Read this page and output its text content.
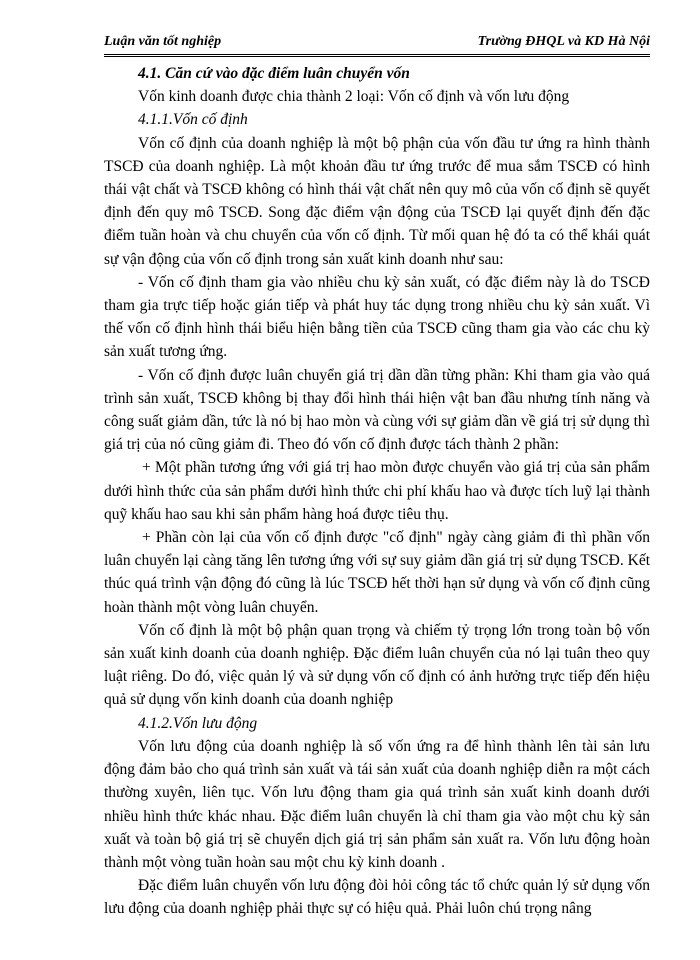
Luận văn tốt nghiệp	Trường ĐHQL và KD Hà Nội

4.1. Căn cứ vào đặc điểm luân chuyển vốn

Vốn kinh doanh được chia thành 2 loại: Vốn cố định và vốn lưu động

4.1.1.Vốn cố định

Vốn cố định của doanh nghiệp là một bộ phận của vốn đầu tư ứng ra hình thành TSCĐ của doanh nghiệp. Là một khoản đầu tư ứng trước để mua sắm TSCĐ có hình thái vật chất và TSCĐ không có hình thái vật chất nên quy mô của vốn cố định sẽ quyết định đến quy mô TSCĐ. Song đặc điểm vận động của TSCĐ lại quyết định đến đặc điểm tuần hoàn và chu chuyển của vốn cố định. Từ mối quan hệ đó ta có thể khái quát sự vận động của vốn cố định trong sản xuất kinh doanh như sau:

- Vốn cố định tham gia vào nhiều chu kỳ sản xuất, có đặc điểm này là do TSCĐ tham gia trực tiếp hoặc gián tiếp và phát huy tác dụng trong nhiều chu kỳ sản xuất. Vì thế vốn cố định hình thái biểu hiện bằng tiền của TSCĐ cũng tham gia vào các chu kỳ sản xuất tương ứng.

- Vốn cố định được luân chuyển giá trị dần dần từng phần: Khi tham gia vào quá trình sản xuất, TSCĐ không bị thay đổi hình thái hiện vật ban đầu nhưng tính năng và công suất giảm dần, tức là nó bị hao mòn và cùng với sự giảm dần về giá trị sử dụng thì giá trị của nó cũng giảm đi. Theo đó vốn cố định được tách thành 2 phần:

+ Một phần tương ứng với giá trị hao mòn được chuyển vào giá trị của sản phẩm dưới hình thức của sản phẩm dưới hình thức chi phí khấu hao và được tích luỹ lại thành quỹ khấu hao sau khi sản phẩm hàng hoá được tiêu thụ.

+ Phần còn lại của vốn cố định được "cố định" ngày càng giảm đi thì phần vốn luân chuyển lại càng tăng lên tương ứng với sự suy giảm dần giá trị sử dụng TSCĐ. Kết thúc quá trình vận động đó cũng là lúc TSCĐ hết thời hạn sử dụng và vốn cố định cũng hoàn thành một vòng luân chuyển.

Vốn cố định là một bộ phận quan trọng và chiếm tỷ trọng lớn trong toàn bộ vốn sản xuất kinh doanh của doanh nghiệp. Đặc điểm luân chuyển của nó lại tuân theo quy luật riêng. Do đó, việc quản lý và sử dụng vốn cố định có ảnh hưởng trực tiếp đến hiệu quả sử dụng vốn kinh doanh của doanh nghiệp

4.1.2.Vốn lưu động

Vốn lưu động của doanh nghiệp là số vốn ứng ra để hình thành lên tài sản lưu động đảm bảo cho quá trình sản xuất và tái sản xuất của doanh nghiệp diễn ra một cách thường xuyên, liên tục. Vốn lưu động tham gia quá trình sản xuất kinh doanh dưới nhiều hình thức khác nhau. Đặc điểm luân chuyển là chỉ tham gia vào một chu kỳ sản xuất và toàn bộ giá trị sẽ chuyển dịch giá trị sản phẩm sản xuất ra. Vốn lưu động hoàn thành một vòng tuần hoàn sau một chu kỳ kinh doanh .

Đặc điểm luân chuyển vốn lưu động đòi hỏi công tác tổ chức quản lý sử dụng vốn lưu động của doanh nghiệp phải thực sự có hiệu quả. Phải luôn chú trọng nâng
